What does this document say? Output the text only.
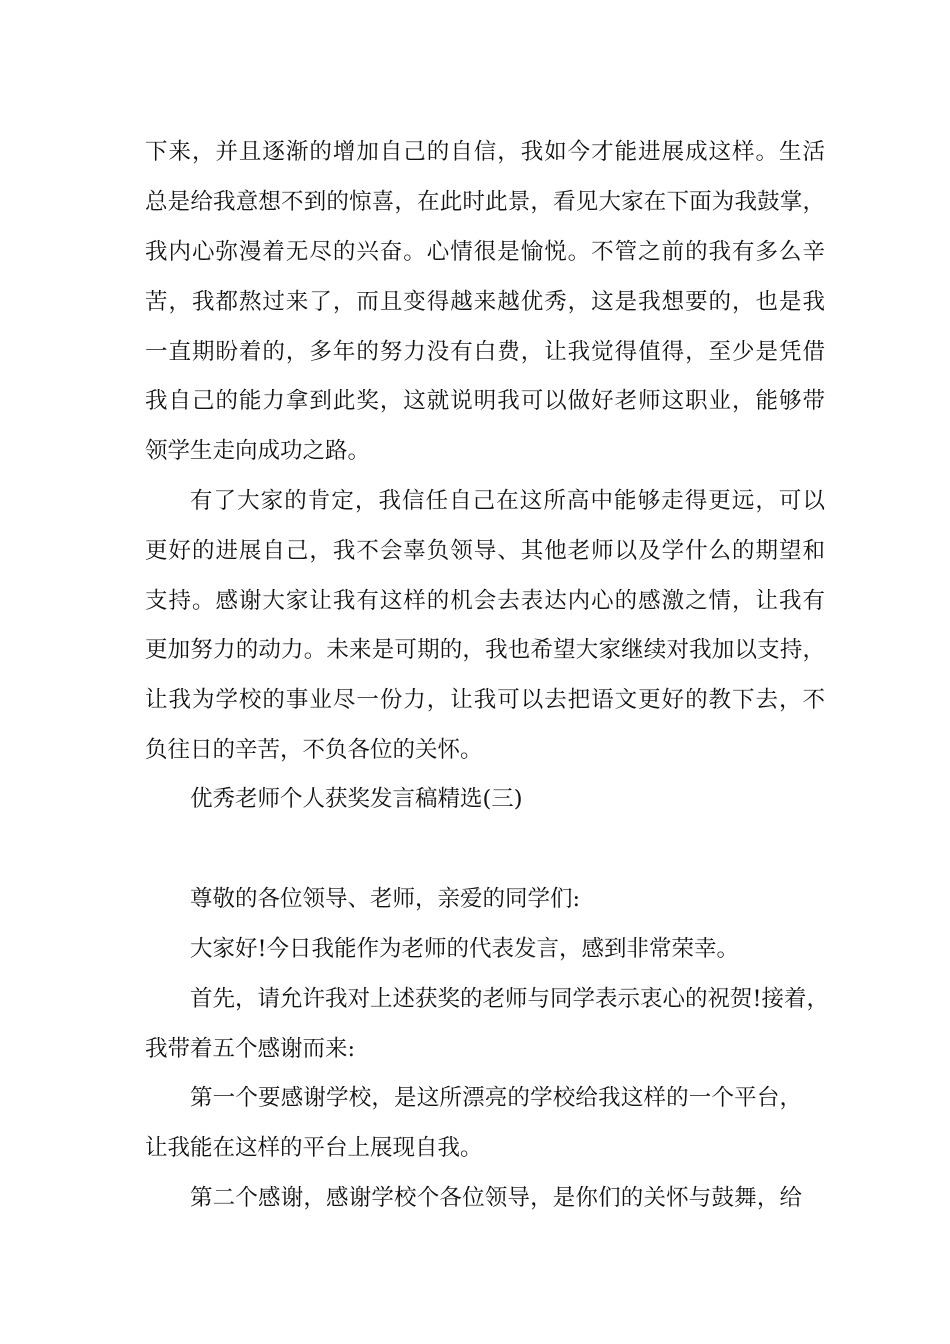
下来，并且逐渐的增加自己的自信，我如今才能进展成这样。生活
总是给我意想不到的惊喜，在此时此景，看见大家在下面为我鼓掌，
我内心弥漫着无尽的兴奋。心情很是愉悦。不管之前的我有多么辛
苦，我都熬过来了，而且变得越来越优秀，这是我想要的，也是我
一直期盼着的，多年的努力没有白费，让我觉得值得，至少是凭借
我自己的能力拿到此奖，这就说明我可以做好老师这职业，能够带
领学生走向成功之路。
有了大家的肯定，我信任自己在这所高中能够走得更远，可以
更好的进展自己，我不会辜负领导、其他老师以及学什么的期望和
支持。感谢大家让我有这样的机会去表达内心的感激之情，让我有
更加努力的动力。未来是可期的，我也希望大家继续对我加以支持，
让我为学校的事业尽一份力，让我可以去把语文更好的教下去，不
负往日的辛苦，不负各位的关怀。
优秀老师个人获奖发言稿精选(三)
尊敬的各位领导、老师，亲爱的同学们:
大家好!今日我能作为老师的代表发言，感到非常荣幸。
首先，请允许我对上述获奖的老师与同学表示衷心的祝贺!接着，
我带着五个感谢而来:
第一个要感谢学校，是这所漂亮的学校给我这样的一个平台，
让我能在这样的平台上展现自我。
第二个感谢，感谢学校个各位领导，是你们的关怀与鼓舞，给
